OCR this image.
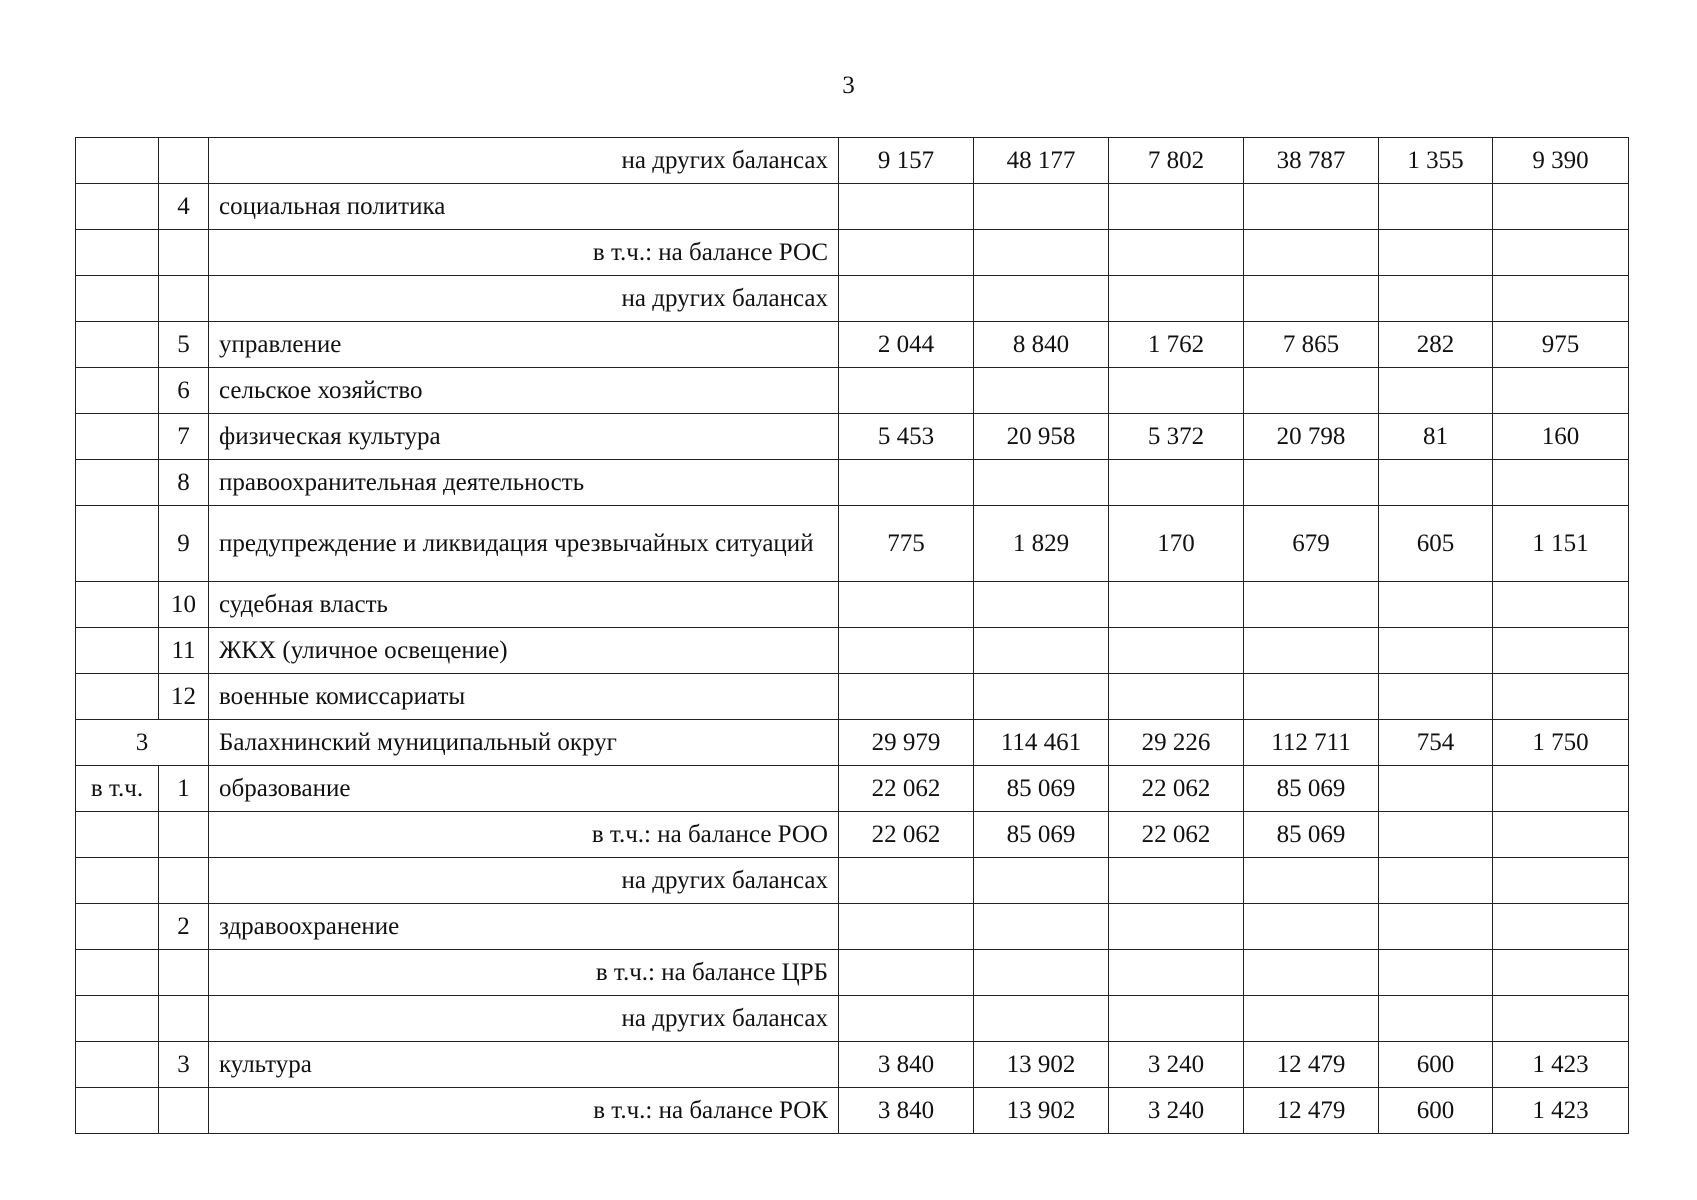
3
		на других балансах	9 157	48 177	7 802	38 787	1 355	9 390
	4	социальная политика						
		в т.ч.: на балансе РОС						
		на других балансах						
	5	управление	2 044	8 840	1 762	7 865	282	975
	6	сельское хозяйство						
	7	физическая культура	5 453	20 958	5 372	20 798	81	160
	8	правоохранительная деятельность						
	9	предупреждение и ликвидация чрезвычайных ситуаций	775	1 829	170	679	605	1 151
	10	судебная власть						
	11	ЖКХ (уличное освещение)						
	12	военные комиссариаты						
3		Балахнинский муниципальный округ	29 979	114 461	29 226	112 711	754	1 750
в т.ч.	1	образование	22 062	85 069	22 062	85 069		
		в т.ч.: на балансе РОО	22 062	85 069	22 062	85 069		
		на других балансах						
	2	здравоохранение						
		в т.ч.: на балансе ЦРБ						
		на других балансах						
	3	культура	3 840	13 902	3 240	12 479	600	1 423
		в т.ч.: на балансе РОК	3 840	13 902	3 240	12 479	600	1 423
